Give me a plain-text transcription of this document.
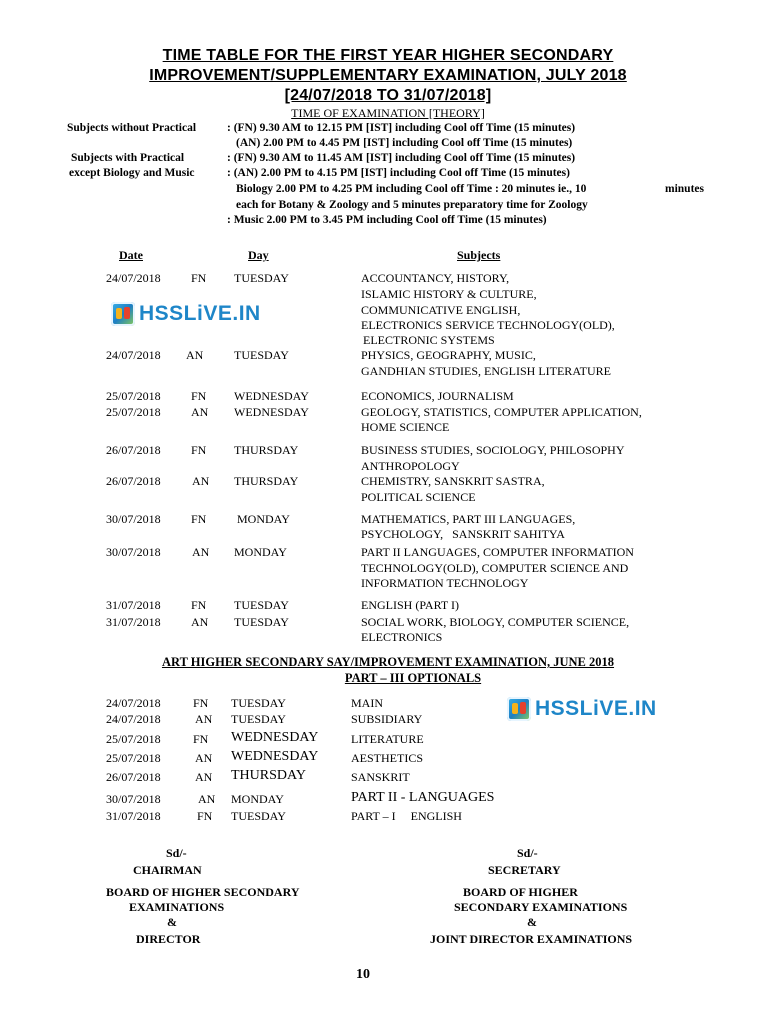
TIME TABLE FOR THE FIRST YEAR HIGHER SECONDARY
IMPROVEMENT/SUPPLEMENTARY EXAMINATION, JULY 2018
[24/07/2018 TO 31/07/2018]
TIME OF EXAMINATION [THEORY]
Subjects without Practical	: (FN) 9.30 AM to 12.15 PM [IST] including Cool off Time (15 minutes)
(AN) 2.00 PM to 4.45 PM [IST] including Cool off Time (15 minutes)
Subjects with Practical	: (FN) 9.30 AM to 11.45 AM [IST] including Cool off Time (15 minutes)
except Biology and Music	: (AN) 2.00 PM to 4.15 PM [IST] including Cool off Time (15 minutes)
Biology 2.00 PM to 4.25 PM including Cool off Time : 20 minutes ie., 10	minutes
each for Botany & Zoology and 5 minutes preparatory time for Zoology
: Music 2.00 PM to 3.45 PM including Cool off Time (15 minutes)
Date	Day	Subjects
24/07/2018	FN TUESDAY	ACCOUNTANCY, HISTORY,
ISLAMIC HISTORY & CULTURE,
COMMUNICATIVE ENGLISH,
ELECTRONICS SERVICE TECHNOLOGY(OLD),
ELECTRONIC SYSTEMS
24/07/2018 AN	TUESDAY	PHYSICS, GEOGRAPHY, MUSIC,
GANDHIAN STUDIES, ENGLISH LITERATURE
25/07/2018	FN WEDNESDAY	ECONOMICS, JOURNALISM
25/07/2018	AN WEDNESDAY	GEOLOGY, STATISTICS, COMPUTER APPLICATION,
HOME SCIENCE
26/07/2018	FN THURSDAY	BUSINESS STUDIES, SOCIOLOGY, PHILOSOPHY
ANTHROPOLOGY
26/07/2018	AN THURSDAY	CHEMISTRY, SANSKRIT SASTRA,
POLITICAL SCIENCE
30/07/2018	FN	MONDAY	MATHEMATICS, PART III LANGUAGES,
PSYCHOLOGY,   SANSKRIT SAHITYA
30/07/2018	AN MONDAY	PART II LANGUAGES, COMPUTER INFORMATION
TECHNOLOGY(OLD), COMPUTER SCIENCE AND
INFORMATION TECHNOLOGY
31/07/2018	FN TUESDAY	ENGLISH (PART I)
31/07/2018	AN TUESDAY	SOCIAL WORK, BIOLOGY, COMPUTER SCIENCE,
ELECTRONICS
HSSLiVE.IN
ART HIGHER SECONDARY SAY/IMPROVEMENT EXAMINATION, JUNE 2018
PART – III OPTIONALS
24/07/2018	FN TUESDAY	MAIN
24/07/2018	AN TUESDAY	SUBSIDIARY
25/07/2018	FN WEDNESDAY	LITERATURE
25/07/2018	AN WEDNESDAY	AESTHETICS
26/07/2018	AN THURSDAY	SANSKRIT
30/07/2018	AN MONDAY	PART II - LANGUAGES
31/07/2018	FN TUESDAY	PART – I     ENGLISH
HSSLiVE.IN
Sd/-
CHAIRMAN
BOARD OF HIGHER SECONDARY
EXAMINATIONS
&
DIRECTOR
Sd/-
SECRETARY
BOARD OF HIGHER
SECONDARY EXAMINATIONS
&
JOINT DIRECTOR EXAMINATIONS
10
